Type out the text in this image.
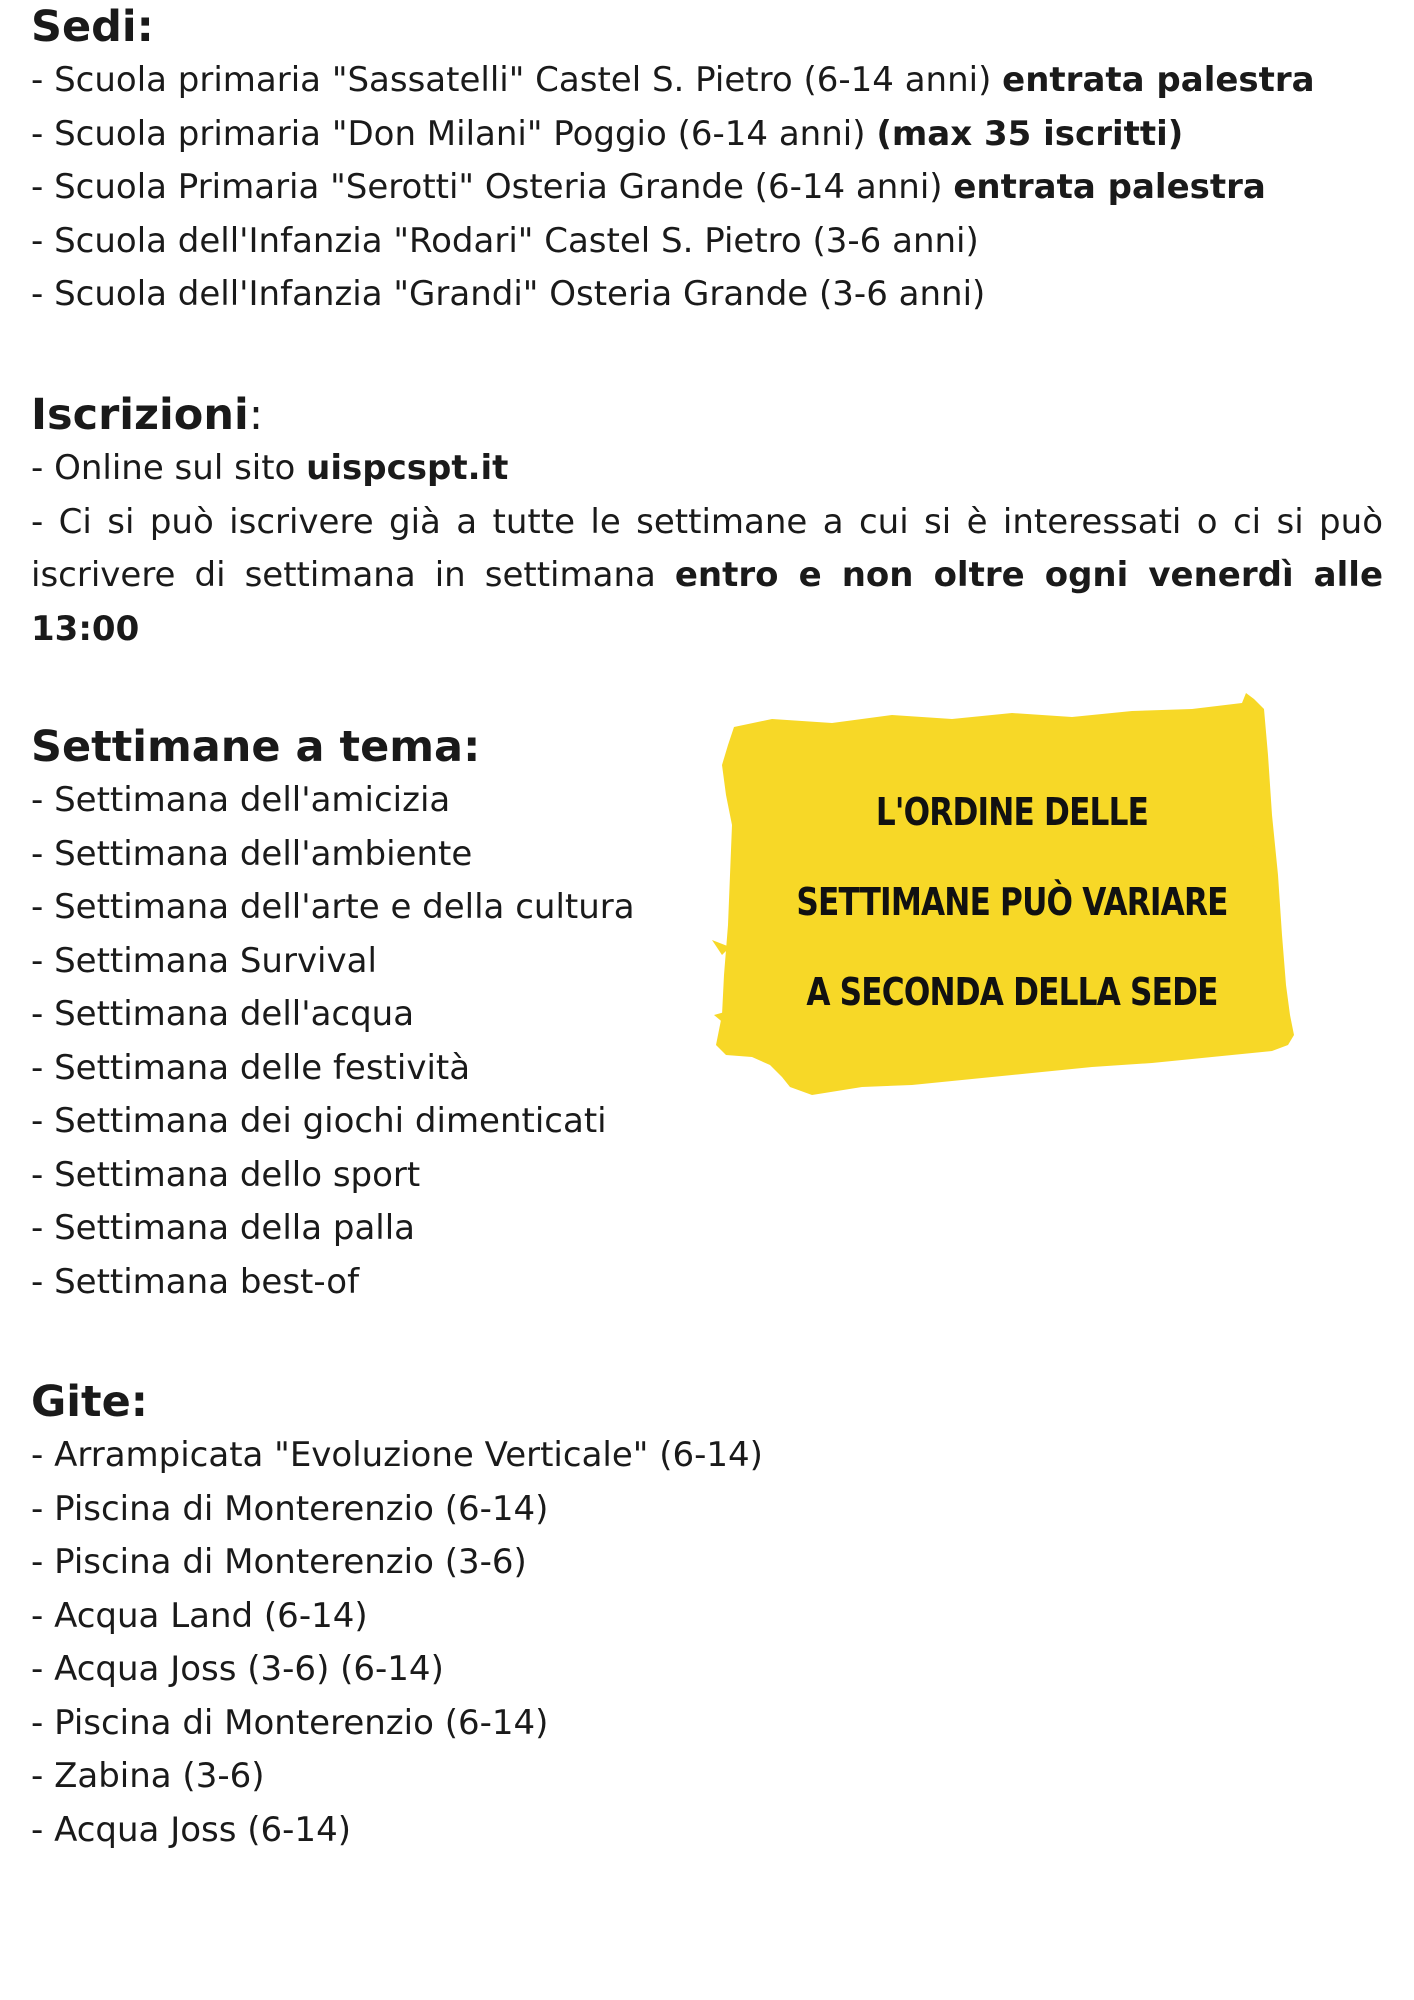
Sedi:
- Scuola primaria "Sassatelli" Castel S. Pietro (6-14 anni) entrata palestra
- Scuola primaria "Don Milani" Poggio (6-14 anni) (max 35 iscritti)
- Scuola Primaria "Serotti" Osteria Grande (6-14 anni) entrata palestra
- Scuola dell'Infanzia "Rodari" Castel S. Pietro (3-6 anni)
- Scuola dell'Infanzia "Grandi" Osteria Grande (3-6 anni)
Iscrizioni:
- Online sul sito uispcspt.it
- Ci si può iscrivere già a tutte le settimane a cui si è interessati o ci si può iscrivere di settimana in settimana entro e non oltre ogni venerdì alle 13:00
Settimane a tema:
- Settimana dell'amicizia
- Settimana dell'ambiente
- Settimana dell'arte e della cultura
- Settimana Survival
- Settimana dell'acqua
- Settimana delle festività
- Settimana dei giochi dimenticati
- Settimana dello sport
- Settimana della palla
- Settimana best-of
L'ORDINE DELLE
SETTIMANE PUÒ VARIARE
A SECONDA DELLA SEDE
Gite:
- Arrampicata "Evoluzione Verticale" (6-14)
- Piscina di Monterenzio (6-14)
- Piscina di Monterenzio (3-6)
- Acqua Land (6-14)
- Acqua Joss (3-6) (6-14)
- Piscina di Monterenzio (6-14)
- Zabina (3-6)
- Acqua Joss (6-14)
